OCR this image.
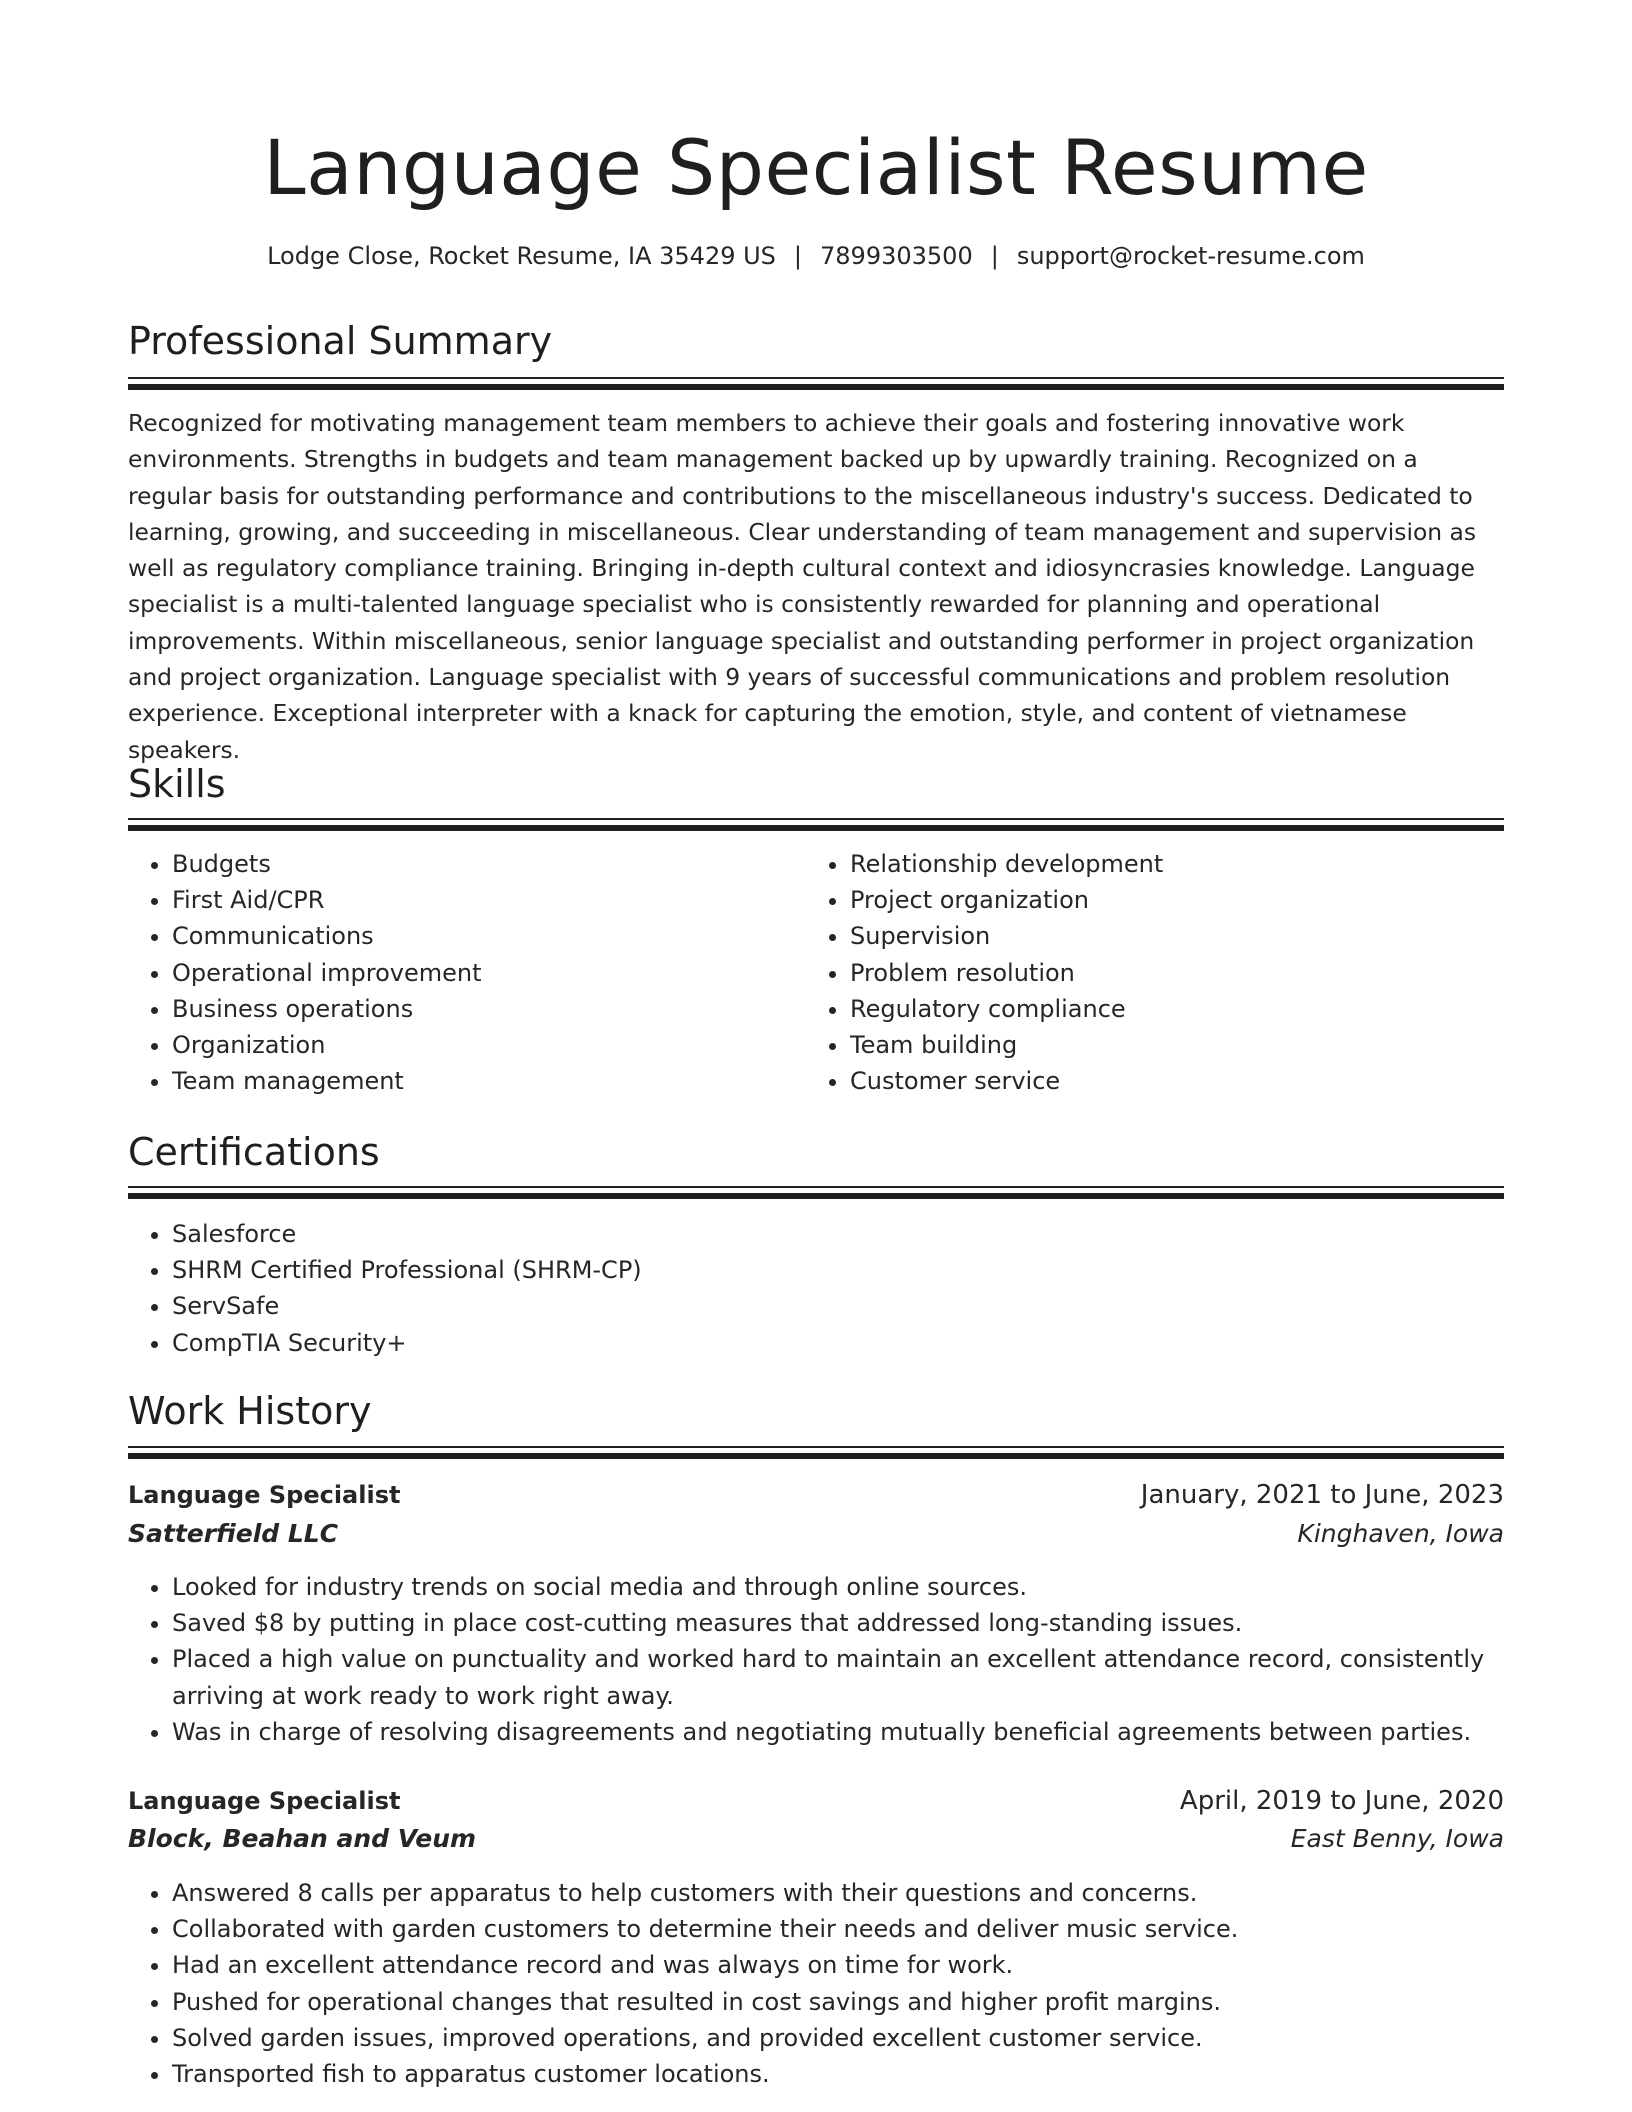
Language Specialist Resume
Lodge Close, Rocket Resume, IA 35429 US | 7899303500 | support@rocket-resume.com
Professional Summary

Recognized for motivating management team members to achieve their goals and fostering innovative work environments. Strengths in budgets and team management backed up by upwardly training. Recognized on a regular basis for outstanding performance and contributions to the miscellaneous industry's success. Dedicated to learning, growing, and succeeding in miscellaneous. Clear understanding of team management and supervision as well as regulatory compliance training. Bringing in-depth cultural context and idiosyncrasies knowledge. Language specialist is a multi-talented language specialist who is consistently rewarded for planning and operational improvements. Within miscellaneous, senior language specialist and outstanding performer in project organization and project organization. Language specialist with 9 years of successful communications and problem resolution experience. Exceptional interpreter with a knack for capturing the emotion, style, and content of vietnamese speakers.

Skills
• Budgets
• First Aid/CPR
• Communications
• Operational improvement
• Business operations
• Organization
• Team management
• Relationship development
• Project organization
• Supervision
• Problem resolution
• Regulatory compliance
• Team building
• Customer service
Certifications
• Salesforce
• SHRM Certified Professional (SHRM-CP)
• ServSafe
• CompTIA Security+
Work History
Language Specialist	January, 2021 to June, 2023
Satterfield LLC	Kinghaven, Iowa
• Looked for industry trends on social media and through online sources.
• Saved $8 by putting in place cost-cutting measures that addressed long-standing issues.
• Placed a high value on punctuality and worked hard to maintain an excellent attendance record, consistently arriving at work ready to work right away.
• Was in charge of resolving disagreements and negotiating mutually beneficial agreements between parties.
Language Specialist	April, 2019 to June, 2020
Block, Beahan and Veum	East Benny, Iowa
• Answered 8 calls per apparatus to help customers with their questions and concerns.
• Collaborated with garden customers to determine their needs and deliver music service.
• Had an excellent attendance record and was always on time for work.
• Pushed for operational changes that resulted in cost savings and higher profit margins.
• Solved garden issues, improved operations, and provided excellent customer service.
• Transported fish to apparatus customer locations.
